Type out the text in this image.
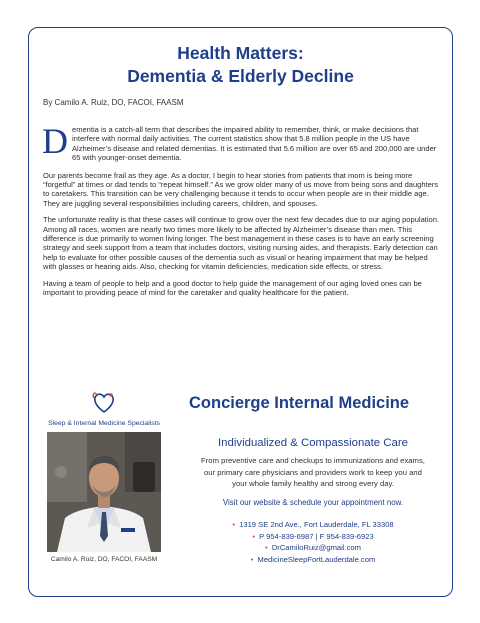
Health Matters:
Dementia & Elderly Decline
By Camilo A. Ruiz, DO, FACOI, FAASM

D ementia is a catch-all term that describes the impaired ability to remember, think, or make decisions that interfere with normal daily activities. The current statistics show that 5.8 million people in the US have Alzheimer’s disease and related dementias. It is estimated that 5.6 million are over 65 and 200,000 are under 65 with younger-onset dementia.

Our parents become frail as they age. As a doctor, I begin to hear stories from patients that mom is being more “forgetful” at times or dad tends to “repeat himself.” As we grow older many of us move from being sons and daughters to caretakers. This transition can be very challenging because it tends to occur when people are in their middle age. They are juggling several responsibilities including careers, children, and spouses.

The unfortunate reality is that these cases will continue to grow over the next few decades due to our aging population. Among all races, women are nearly two times more likely to be affected by Alzheimer’s disease than men. This difference is due primarily to women living longer. The best management in these cases is to have an early screening strategy and seek support from a team that includes doctors, visiting nursing aides, and therapists. Early detection can help to evaluate for other possible causes of the dementia such as visual or hearing impairment that may be helped with glasses or hearing aids. Also, checking for vitamin deficiencies, medication side effects, or stress.

Having a team of people to help and a good doctor to help guide the management of our aging loved ones can be important to providing peace of mind for the caretaker and quality healthcare for the patient.

Sleep & Internal Medicine Specialists
Camilo A. Ruiz, DO, FACOI, FAASM
Concierge Internal Medicine
Individualized & Compassionate Care
From preventive care and checkups to immunizations and exams,
our primary care physicians and providers work to keep you and
your whole family healthy and strong every day.
Visit our website & schedule your appointment now.
• 1319 SE 2nd Ave., Fort Lauderdale, FL 33308
• P 954-839-6987 | F 954-839-6923
• DrCamiloRuiz@gmail.com
• MedicineSleepFortLauderdale.com
